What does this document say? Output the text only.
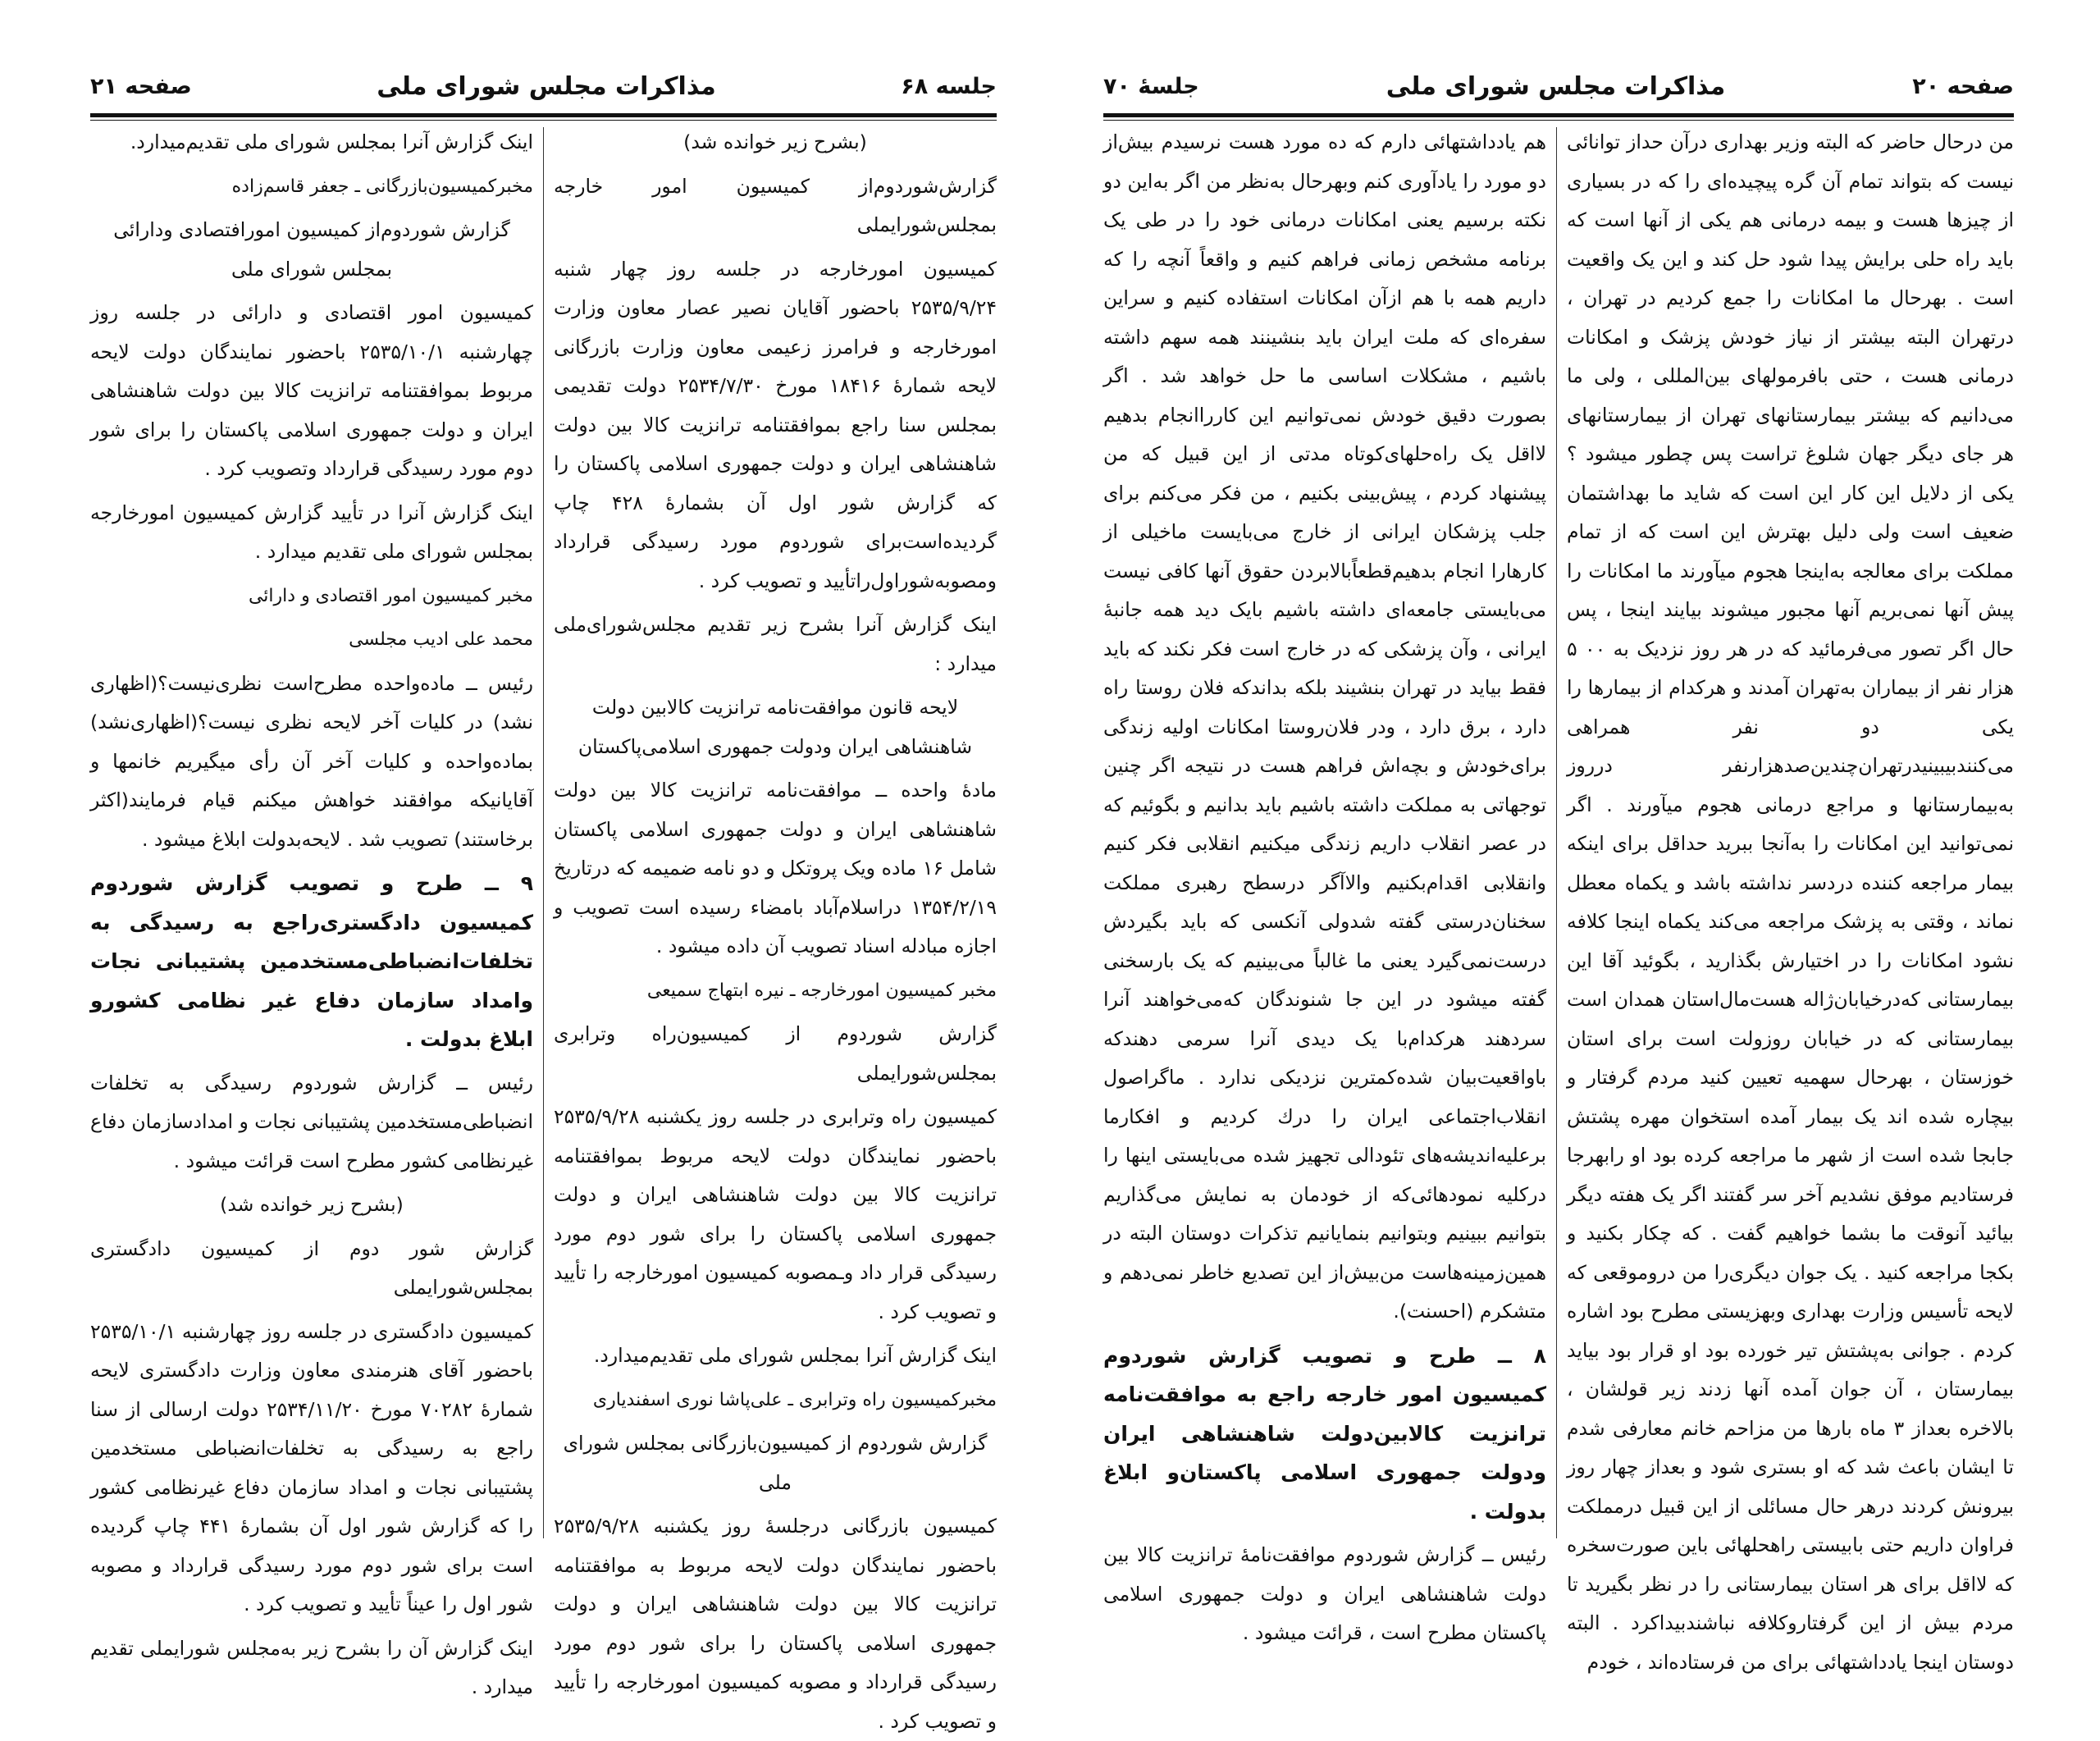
جلسه ۶۸
مذاکرات مجلس شورای ملی
صفحه ۲۱

(بشرح زیر خوانده شد)

گزارش‌شوردوم‌از کمیسیون امور خارجه بمجلس‌شورایملی

کمیسیون امورخارجه در جلسه روز چهار شنبه ۲۵۳۵/۹/۲۴ باحضور آقایان نصیر عصار معاون وزارت امورخارجه و فرامرز زعیمی معاون وزارت بازرگانی لایحه شمارهٔ ۱۸۴۱۶ مورخ ۲۵۳۴/۷/۳۰ دولت تقدیمی بمجلس سنا راجع بموافقتنامه ترانزیت کالا بین دولت شاهنشاهی ایران و دولت جمهوری اسلامی پاکستان را که گزارش شور اول آن بشمارهٔ ۴۲۸ چاپ گردیده‌است‌برای شوردوم مورد رسیدگی قرارداد ومصوبه‌شوراول‌راتأیید و تصویب کرد .

اینک گزارش آنرا بشرح زیر تقدیم مجلس‌شورای‌ملی میدارد :

لایحه قانون موافقت‌نامه ترانزیت کالابین دولت شاهنشاهی ایران ودولت جمهوری اسلامی‌پاکستان

مادهٔ واحده ــ موافقت‌نامه ترانزیت کالا بین دولت شاهنشاهی ایران و دولت جمهوری اسلامی پاکستان شامل ۱۶ ماده ویک پروتکل و دو نامه ضمیمه که درتاریخ ۱۳۵۴/۲/۱۹ دراسلام‌آباد بامضاء رسیده است تصویب و اجازه مبادله اسناد تصویب آن داده میشود .

مخبر کمیسیون امورخارجه ـ نیره ابتهاج سمیعی

گزارش شوردوم از کمیسیون‌راه وترابری بمجلس‌شورایملی

کمیسیون راه وترابری در جلسه روز یکشنبه ۲۵۳۵/۹/۲۸ باحضور نمایندگان دولت لایحه مربوط بموافقتنامه ترانزیت کالا بین دولت شاهنشاهی ایران و دولت جمهوری اسلامی پاکستان را برای شور دوم مورد رسیدگی قرار داد وـمصوبه کمیسیون امورخارجه را تأیید و تصویب کرد .

اینک گزارش آنرا بمجلس شورای ملی تقدیم‌میدارد.

مخبرکمیسیون راه وترابری ـ علی‌پاشا نوری اسفندیاری

گزارش شوردوم از کمیسیون‌بازرگانی بمجلس شورای ملی

کمیسیون بازرگانی درجلسهٔ روز یکشنبه ۲۵۳۵/۹/۲۸ باحضور نمایندگان دولت لایحه مربوط به موافقتنامه ترانزیت کالا بین دولت شاهنشاهی ایران و دولت جمهوری اسلامی پاکستان را برای شور دوم مورد رسیدگی قرارداد و مصوبه کمیسیون امورخارجه را تأیید و تصویب کرد .

اینک گزارش آنرا بمجلس شورای ملی تقدیم‌میدارد.

مخبرکمیسیون‌بازرگانی ـ جعفر قاسم‌زاده

گزارش شوردوم‌از کمیسیون امورافتصادی ودارائی بمجلس شورای ملی

کمیسیون امور اقتصادی و دارائی در جلسه روز چهارشنبه ۲۵۳۵/۱۰/۱ باحضور نمایندگان دولت لایحه مربوط بموافقتنامه ترانزیت کالا بین دولت شاهنشاهی ایران و دولت جمهوری اسلامی پاکستان را برای شور دوم مورد رسیدگی قرارداد وتصویب کرد .

اینک گزارش آنرا در تأیید گزارش کمیسیون امورخارجه بمجلس شورای ملی تقدیم میدارد .

مخبر کمیسیون امور اقتصادی و دارائی

محمد علی ادیب مجلسی

رئیس ــ ماده‌واحده مطرح‌است نظری‌نیست؟(اظهاری نشد) در کلیات آخر لایحه نظری نیست؟(اظهاری‌نشد) بماده‌واحده و کلیات آخر آن رأی میگیریم خانمها و آقایانیکه موافقند خواهش میکنم قیام فرمایند(اکثر برخاستند) تصویب شد . لایحه‌بدولت ابلاغ میشود .

۹ ــ طرح و تصویب گزارش شوردوم کمیسیون دادگستری‌راجع به رسیدگی به تخلفات‌انضباطی‌مستخدمین پشتیبانی نجات وامداد سازمان دفاع غیر نظامی کشورو ابلاغ بدولت .

رئیس ــ گزارش شوردوم رسیدگی به تخلفات انضباطی‌مستخدمین پشتیبانی نجات و امدادسازمان دفاع غیرنظامی کشور مطرح است قرائت میشود .

(بشرح زیر خوانده شد)

گزارش شور دوم از کمیسیون دادگستری بمجلس‌شورایملی

کمیسیون دادگستری در جلسه روز چهارشنبه ۲۵۳۵/۱۰/۱ باحضور آقای هنرمندی معاون وزارت دادگستری لایحه شمارهٔ ۷۰۲۸۲ مورخ ۲۵۳۴/۱۱/۲۰ دولت ارسالی از سنا راجع به رسیدگی به تخلفات‌انضباطی مستخدمین پشتیبانی نجات و امداد سازمان دفاع غیرنظامی کشور را که گزارش شور اول آن بشمارهٔ ۴۴۱ چاپ گردیده است برای شور دوم مورد رسیدگی قرارداد و مصوبه شور اول را عیناً تأیید و تصویب کرد .

اینک گزارش آن را بشرح زیر به‌مجلس شورایملی تقدیم میدارد .

صفحه ۲۰
مذاکرات مجلس شورای ملی
جلسهٔ ۷۰

من درحال حاضر که البته وزیر بهداری درآن حداز توانائی نیست که بتواند تمام آن گره پیچیده‌ای را که در بسیاری از چیزها هست و بیمه درمانی هم یکی از آنها است که باید راه حلی برایش پیدا شود حل کند و این یک واقعیت است . بهرحال ما امکانات را جمع کردیم در تهران ، درتهران البته بیشتر از نیاز خودش پزشک و امکانات درمانی هست ، حتی بافرمولهای بین‌المللی ، ولی ما می‌دانیم که بیشتر بیمارستانهای تهران از بیمارستانهای هر جای دیگر جهان شلوغ تراست پس چطور میشود ؟ یکی از دلایل این کار این است که شاید ما بهداشتمان ضعیف است ولی دلیل بهترش این است که از تمام مملکت برای معالجه به‌اینجا هجوم میآورند ما امکانات را پیش آنها نمی‌بریم آنها مجبور میشوند بیایند اینجا ، پس حال اگر تصور می‌فرمائید که در هر روز نزدیک به ۰۰ ۵ هزار نفر از بیماران به‌تهران آمدند و هرکدام از بیمارها را یکی دو نفر همراهی می‌کنندبیبینیدرتهران‌چندین‌صدهزارنفر درروز به‌بیمارستانها و مراجع درمانی هجوم میآورند . اگر نمی‌توانید این امکانات را به‌آنجا ببرید حداقل برای اینکه بیمار مراجعه کننده دردسر نداشته باشد و یکماه معطل نماند ، وقتی به پزشک مراجعه می‌کند یکماه اینجا کلافه نشود امکانات را در اختیارش بگذارید ، بگوئید آقا این بیمارستانی که‌درخیابان‌ژاله هست‌مال‌استان همدان است بیمارستانی که در خیابان روزولت است برای استان خوزستان ، بهرحال سهمیه تعیین کنید مردم گرفتار و بیچاره شده اند یک بیمار آمده استخوان مهره پشتش جابجا شده است از شهر ما مراجعه کرده بود او رابهرجا فرستادیم موفق نشدیم آخر سر گفتند اگر یک هفته دیگر بیائید آنوقت ما بشما خواهیم گفت . که چکار بکنید و بکجا مراجعه کنید . یک جوان دیگری‌را من دروموقعی که لایحه تأسیس وزارت بهداری وبهزیستی مطرح بود اشاره کردم . جوانی به‌پشتش تیر خورده بود او قرار بود بیاید بیمارستان ، آن جوان آمده آنها زدند زیر قولشان ، بالاخره بعداز ۳ ماه بارها من مزاحم خانم معارفی شدم تا ایشان باعث شد که او بستری شود و بعداز چهار روز بیرونش کردند درهر حال مسائلی از این قبیل درمملکت فراوان داریم حتی بابیستی راهحلهائی باین صورت‌سخره که لااقل برای هر استان بیمارستانی را در نظر بگیرید تا مردم بیش از این گرفتار‌و‌کلافه نباشندبیداکرد . البته دوستان اینجا یادداشتهائی برای من فرستاده‌اند ، خودم

هم یادداشتهائی دارم که ده مورد هست نرسیدم بیش‌از دو مورد را یادآوری کنم وبهرحال به‌نظر من اگر به‌این دو نکته برسیم یعنی امکانات درمانی خود را در طی یک برنامه مشخص زمانی فراهم کنیم و واقعاً آنچه را که داریم همه با هم ازآن امکانات استفاده کنیم و سراین سفره‌ای که ملت ایران باید بنشینند همه سهم داشته باشیم ، مشکلات اساسی ما حل خواهد شد . اگر بصورت دقیق خودش نمی‌توانیم این کاررا‌انجام بدهیم لااقل یک راه‌حلهای‌کوتاه مدتی از این قبیل که من پیشنهاد کردم ، پیش‌بینی بکنیم ، من فکر می‌کنم برای جلب پزشکان ایرانی از خارج می‌بایست ماخیلی از کارهارا انجام بدهیم‌قطعاًبالابردن حقوق آنها کافی نیست می‌بایستی جامعه‌ای داشته باشیم بایک دید همه جانبهٔ ایرانی ، وآن پزشکی که در خارج است فکر نکند که باید فقط بیاید در تهران بنشیند بلکه بداندکه فلان روستا راه دارد ، برق دارد ، ودر فلان‌روستا امکانات اولیه زندگی برای‌خودش و بچه‌اش فراهم هست در نتیجه اگر چنین توجهاتی به مملکت داشته باشیم باید بدانیم و بگوئیم که در عصر انقلاب داریم زندگی میکنیم انقلابی فکر کنیم وانقلابی اقدام‌بکنیم والاآگر درسطح رهبری مملکت سخنان‌درستی گفته شدولی آنکسی که باید بگیردش درست‌نمی‌گیرد یعنی ما غالباً می‌بینیم که یک بارسخنی گفته میشود در این جا شنوندگان که‌می‌خواهند آنرا سردهند هرکدام‌با یک دیدی آنرا سرمی دهندکه باواقعیت‌بیان شده‌کمترین نزدیکی ندارد . ماگراصول انقلاب‌اجتماعی ایران را درك کردیم و افکارما برعلیه‌اندیشه‌های تئودالی تجهیز شده می‌بایستی اینها را درکلیه نمودهائی‌که از خودمان به نمایش می‌گذاریم بتوانیم ببینیم وبتوانیم بنمایانیم تذکرات دوستان البته در همین‌زمینه‌هاست من‌بیش‌از این تصدیع خاطر نمی‌دهم و متشکرم (احسنت).

۸ ــ طرح و تصویب گزارش شوردوم کمیسیون امور خارجه راجع به موافقت‌نامه ترانزیت کالابین‌دولت شاهنشاهی ایران ودولت جمهوری اسلامی پاکستان‌و ابلاغ بدولت .

رئیس ــ گزارش شوردوم موافقت‌نامهٔ ترانزیت کالا بین دولت شاهنشاهی ایران و دولت جمهوری اسلامی پاکستان مطرح است ، قرائت میشود .
